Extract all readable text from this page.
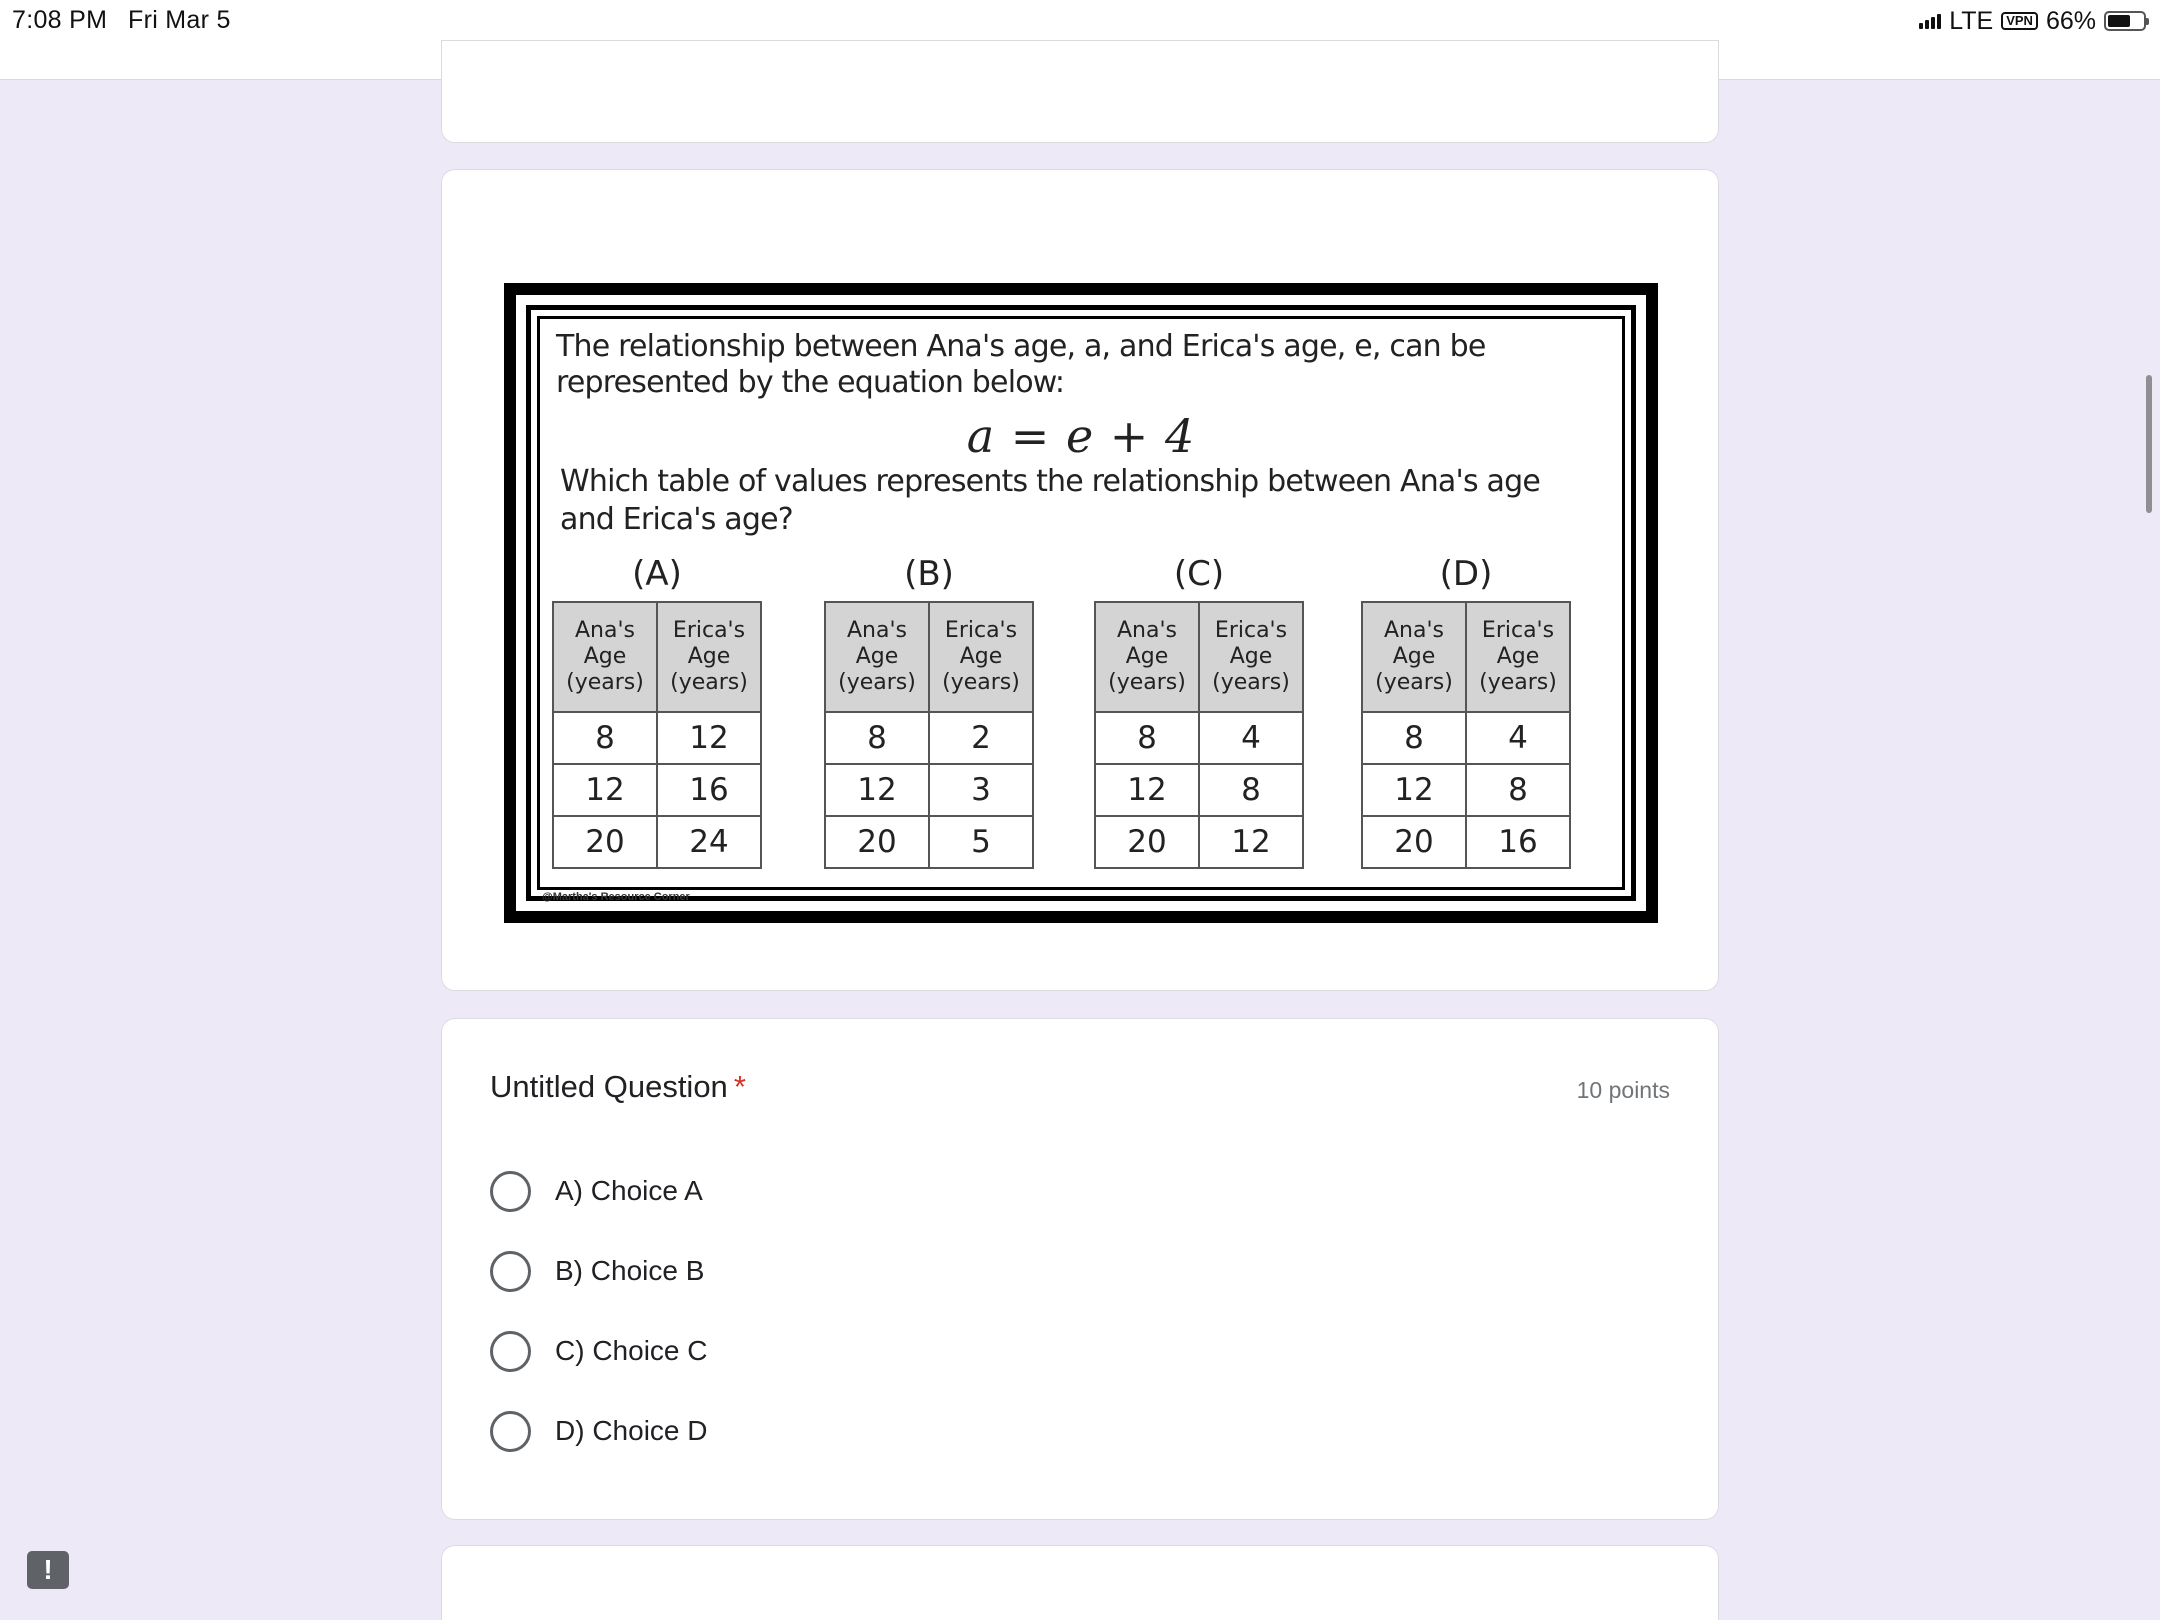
7:08 PM Fri Mar 5	LTE	VPN 66%
The relationship between Ana's age, a, and Erica's age, e, can be represented by the equation below:
a = e + 4
Which table of values represents the relationship between Ana's age and Erica's age?
(A)
Ana's Age (years)	Erica's Age (years)
8	12
12	16
20	24
(B)
Ana's Age (years)	Erica's Age (years)
8	2
12	3
20	5
(C)
Ana's Age (years)	Erica's Age (years)
8	4
12	8
20	12
(D)
Ana's Age (years)	Erica's Age (years)
8	4
12	8
20	16
@Martha's Resource Corner
Untitled Question *	10 points
A) Choice A
B) Choice B
C) Choice C
D) Choice D
!
